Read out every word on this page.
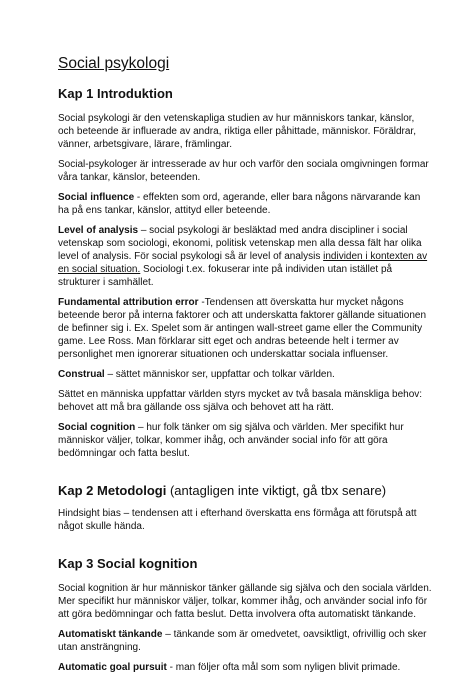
Social psykologi
Kap 1 Introduktion

Social psykologi är den vetenskapliga studien av hur människors tankar, känslor, och beteende är influerade av andra, riktiga eller påhittade, människor. Föräldrar, vänner, arbetsgivare, lärare, främlingar.

Social-psykologer är intresserade av hur och varför den sociala omgivningen formar våra tankar, känslor, beteenden.

Social influence - effekten som ord, agerande, eller bara någons närvarande kan ha på ens tankar, känslor, attityd eller beteende.

Level of analysis – social psykologi är besläktad med andra discipliner i social vetenskap som sociologi, ekonomi, politisk vetenskap men alla dessa fält har olika level of analysis. För social psykologi så är level of analysis individen i kontexten av en social situation. Sociologi t.ex. fokuserar inte på individen utan istället på strukturer i samhället.

Fundamental attribution error -Tendensen att överskatta hur mycket någons beteende beror på interna faktorer och att underskatta faktorer gällande situationen de befinner sig i. Ex. Spelet som är antingen wall-street game eller the Community game. Lee Ross. Man förklarar sitt eget och andras beteende helt i termer av personlighet men ignorerar situationen och underskattar sociala influenser.

Construal – sättet människor ser, uppfattar och tolkar världen.

Sättet en människa uppfattar världen styrs mycket av två basala mänskliga behov: behovet att må bra gällande oss själva och behovet att ha rätt.

Social cognition – hur folk tänker om sig själva och världen. Mer specifikt hur människor väljer, tolkar, kommer ihåg, och använder social info för att göra bedömningar och fatta beslut.

Kap 2 Metodologi (antagligen inte viktigt, gå tbx senare)

Hindsight bias – tendensen att i efterhand överskatta ens förmåga att förutspå att något skulle hända.

Kap 3 Social kognition

Social kognition är hur människor tänker gällande sig själva och den sociala världen. Mer specifikt hur människor väljer, tolkar, kommer ihåg, och använder social info för att göra bedömningar och fatta beslut. Detta involvera ofta automatiskt tänkande.

Automatiskt tänkande – tänkande som är omedvetet, oavsiktligt, ofrivillig och sker utan ansträngning.

Automatic goal pursuit - man följer ofta mål som som nyligen blivit primade.
